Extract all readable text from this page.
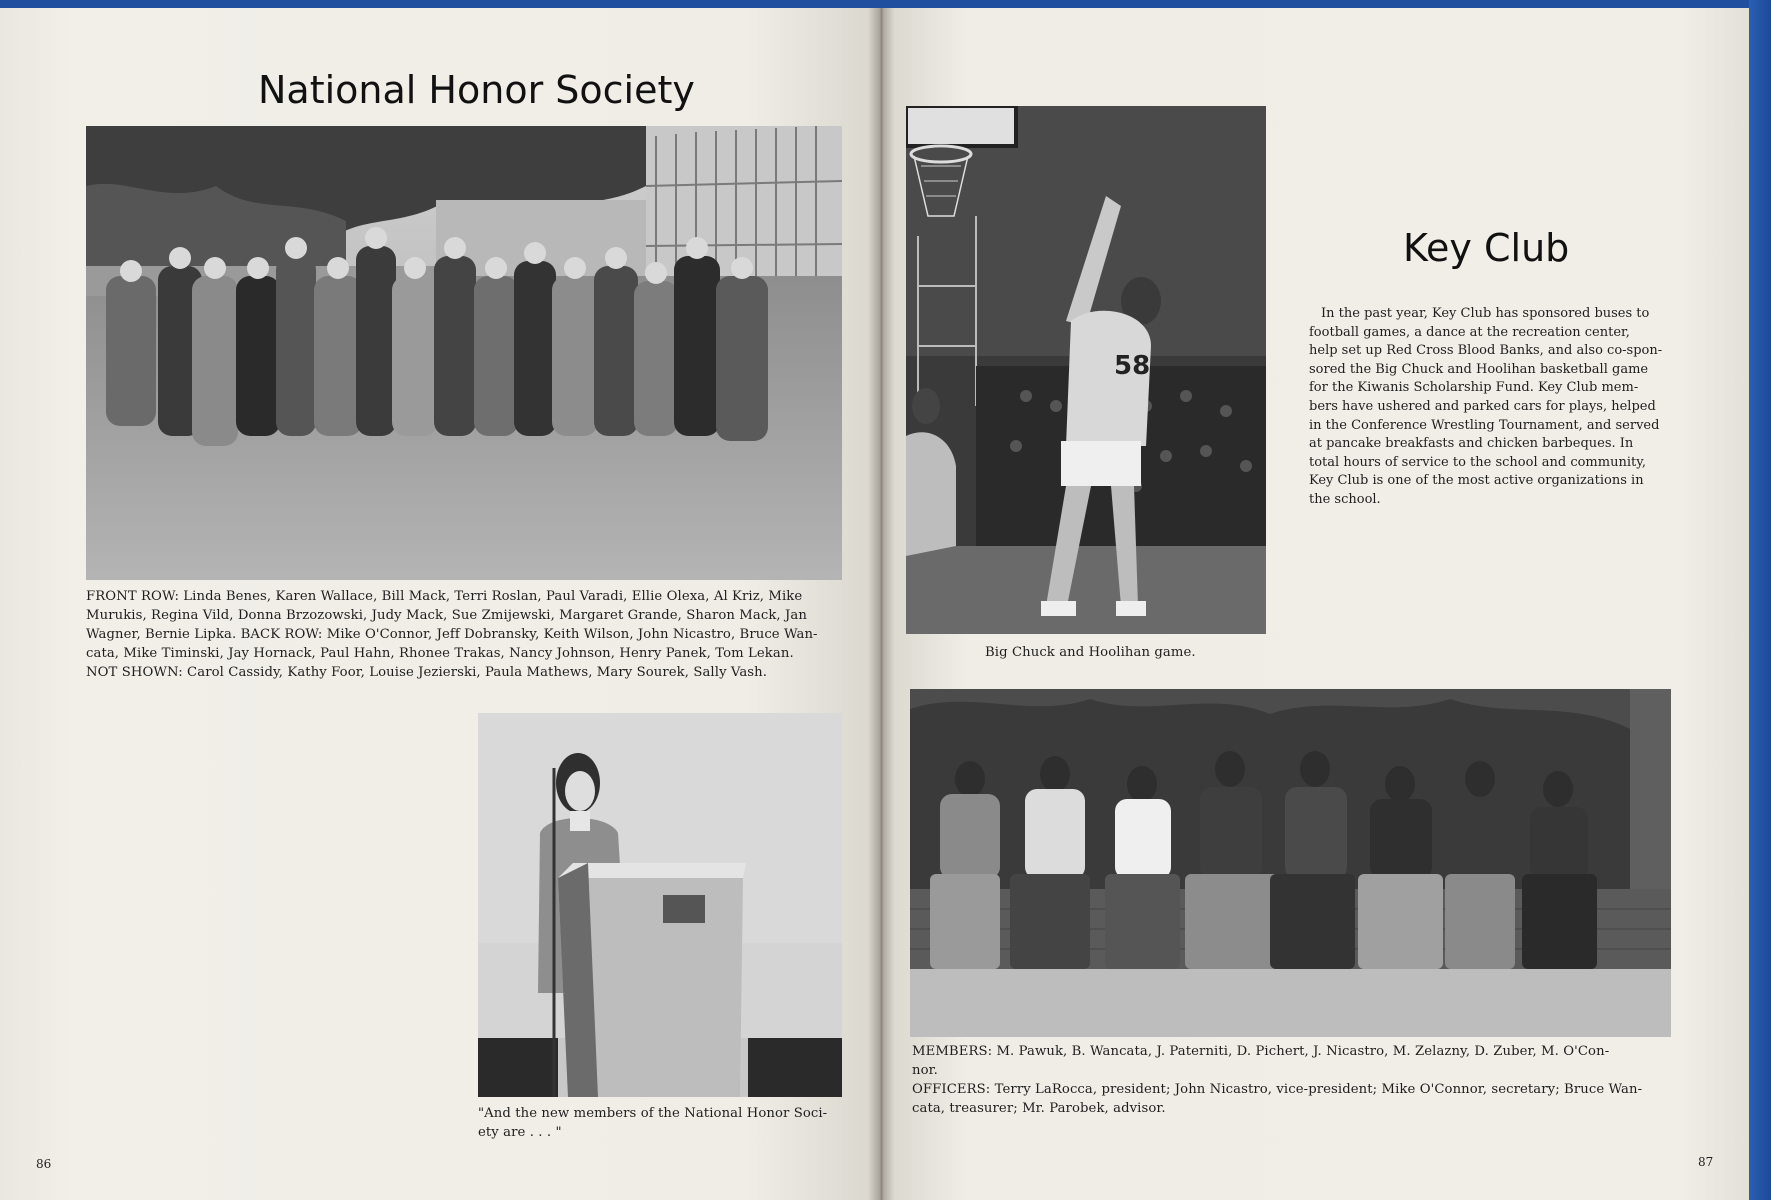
National Honor Society

FRONT ROW: Linda Benes, Karen Wallace, Bill Mack, Terri Roslan, Paul Varadi, Ellie Olexa, Al Kriz, Mike

Murukis, Regina Vild, Donna Brzozowski, Judy Mack, Sue Zmijewski, Margaret Grande, Sharon Mack, Jan

Wagner, Bernie Lipka. BACK ROW: Mike O'Connor, Jeff Dobransky, Keith Wilson, John Nicastro, Bruce Wan-

cata, Mike Timinski, Jay Hornack, Paul Hahn, Rhonee Trakas, Nancy Johnson, Henry Panek, Tom Lekan.

NOT SHOWN: Carol Cassidy, Kathy Foor, Louise Jezierski, Paula Mathews, Mary Sourek, Sally Vash.

"And the new members of the National Honor Soci-

ety are . . . "

86
58
Big Chuck and Hoolihan game.
Key Club
In the past year, Key Club has sponsored buses to
football games, a dance at the recreation center,
help set up Red Cross Blood Banks, and also co-spon-
sored the Big Chuck and Hoolihan basketball game
for the Kiwanis Scholarship Fund. Key Club mem-
bers have ushered and parked cars for plays, helped
in the Conference Wrestling Tournament, and served
at pancake breakfasts and chicken barbeques. In
total hours of service to the school and community,
Key Club is one of the most active organizations in
the school.

MEMBERS: M. Pawuk, B. Wancata, J. Paterniti, D. Pichert, J. Nicastro, M. Zelazny, D. Zuber, M. O'Con-

nor.

OFFICERS: Terry LaRocca, president; John Nicastro, vice-president; Mike O'Connor, secretary; Bruce Wan-

cata, treasurer; Mr. Parobek, advisor.

87
